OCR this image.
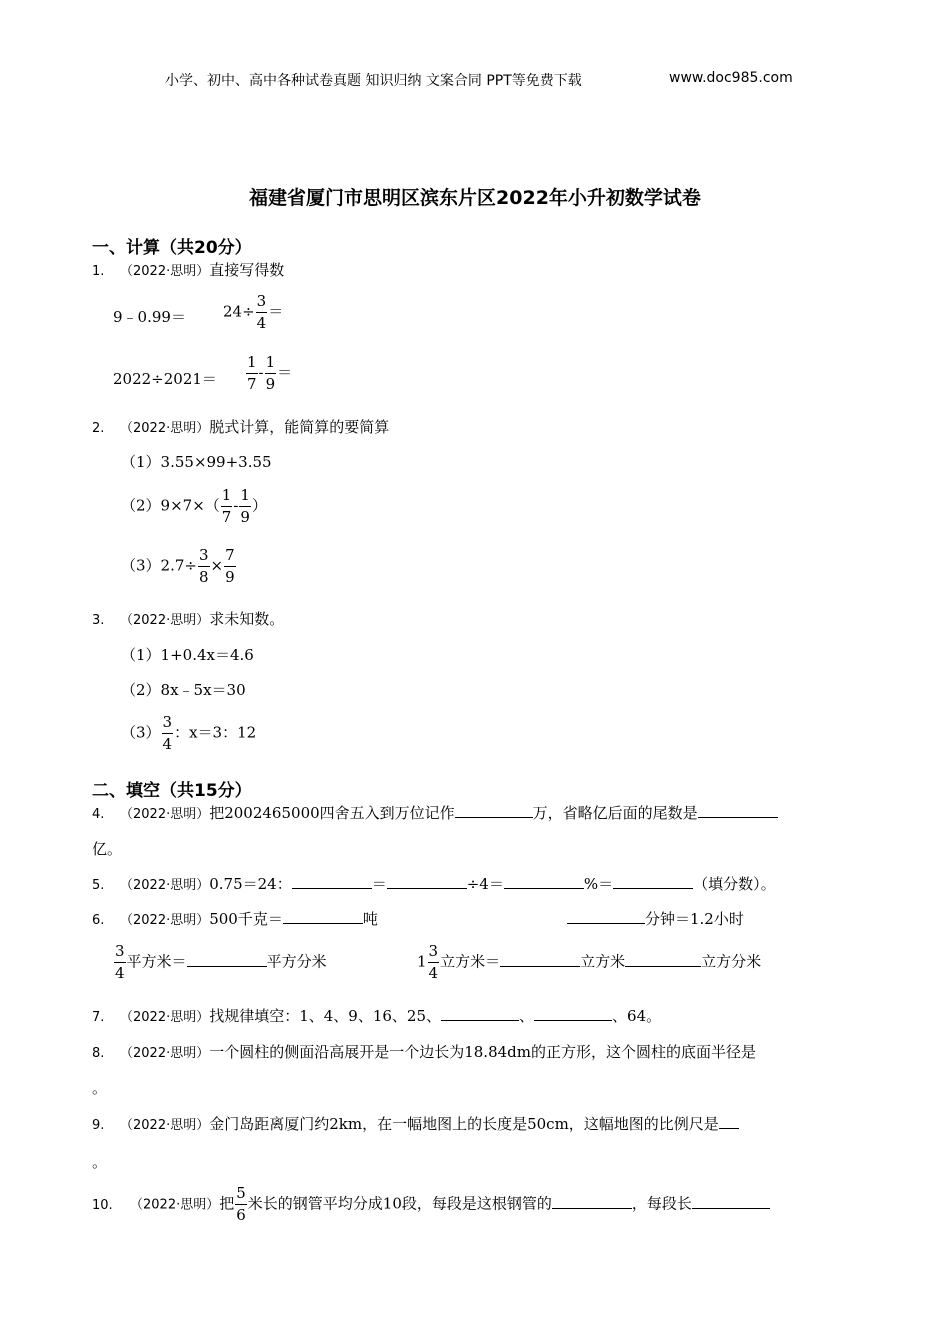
小学、初中、高中各种试卷真题 知识归纳 文案合同 PPT等免费下载	www.doc985.com
福建省厦门市思明区滨东片区2022年小升初数学试卷
一、计算（共20分）
1. （2022·思明）直接写得数
9﹣0.99＝ $24\div \frac{3}{4}$ ＝
$2022\div 2021= \frac{1}{7} - \frac{1}{9}$ ＝
2. （2022·思明）脱式计算，能简算的要简算
（1）3.55×99+3.55
$(2)9\times 7\times( \frac{1}{7} - \frac{1}{9}$ ）
$(3)2.7\div \frac{3}{8} \times \frac{7}{9}$
3. （2022·思明）求未知数。
（1）1+0.4x＝4.6
（2）8x﹣5x＝30
$(3) \frac{3}{4}$ ：x＝3：12
二、填空（共15分）
4. （2022·思明）把2002465000四舍五入到万位记作	万，省略亿后面的尾数是
亿。
5. （2022·思明）0.75＝24：	＝	÷4＝	%＝	（填分数）。
6. （2022·思明）500千克＝	吨	分钟＝1.2小时
$\frac{3}{4}$ 平方米＝	平方分米	$1 \frac{3}{4}$ 立方米＝	立方米	立方分米
7. （2022·思明）找规律填空：1、4、9、16、25、	、	、64。
8. （2022·思明）一个圆柱的侧面沿高展开是一个边长为18.84dm的正方形，这个圆柱的底面半径是
。
9. （2022·思明）金门岛距离厦门约2km，在一幅地图上的长度是50cm，这幅地图的比例尺是
。
10. （2022·思明）把 $\frac{5}{6}$ 米长的钢管平均分成10段，每段是这根钢管的	，每段长
